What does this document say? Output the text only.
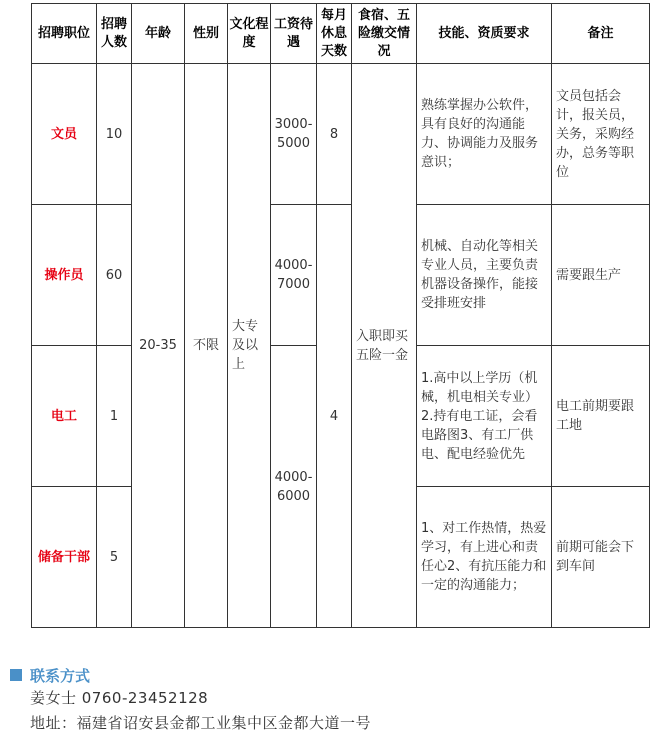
招聘职位	招聘人数	年龄	性别	文化程度	工资待遇	每月休息天数	食宿、五险缴交情况	技能、资质要求	备注
文员	10	20-35	不限	大专及以上	3000-5000	8	入职即买五险一金	熟练掌握办公软件，具有良好的沟通能力、协调能力及服务意识；	文员包括会计，报关员，关务，采购经办，总务等职位
操作员	60				4000-7000	4		机械、自动化等相关专业人员，主要负责机器设备操作，能接受排班安排	需要跟生产
电工	1				4000-6000			1.高中以上学历（机械，机电相关专业）2.持有电工证，会看电路图3、有工厂供电、配电经验优先	电工前期要跟工地
储备干部	5							1、对工作热情，热爱学习，有上进心和责任心2、有抗压能力和一定的沟通能力；	前期可能会下到车间
联系方式
姜女士 0760-23452128
地址：福建省诏安县金都工业集中区金都大道一号
